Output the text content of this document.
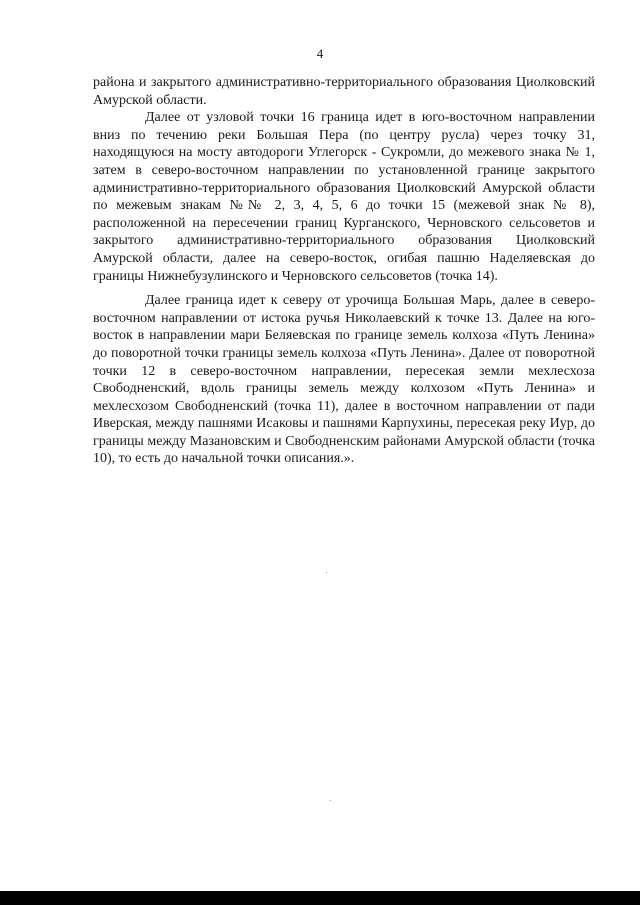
4

района и закрытого административно-территориального образования Циолковский Амурской области.

Далее от узловой точки 16 граница идет в юго-восточном направлении вниз по течению реки Большая Пера (по центру русла) через точку 31, находящуюся на мосту автодороги Углегорск - Сукромли, до межевого знака № 1, затем в северо-восточном направлении по установленной границе закрытого административно-территориального образования Циолковский Амурской области по межевым знакам №№ 2, 3, 4, 5, 6 до точки 15 (межевой знак № 8), расположенной на пересечении границ Курганского, Черновского сельсоветов и закрытого административно-территориального образования Циолковский Амурской области, далее на северо-восток, огибая пашню Наделяевская до границы Нижнебузулинского и Черновского сельсоветов (точка 14).

Далее граница идет к северу от урочища Большая Марь, далее в северо-восточном направлении от истока ручья Николаевский к точке 13. Далее на юго-восток в направлении мари Беляевская по границе земель колхоза «Путь Ленина» до поворотной точки границы земель колхоза «Путь Ленина». Далее от поворотной точки 12 в северо-восточном направлении, пересекая земли мехлесхоза Свободненский, вдоль границы земель между колхозом «Путь Ленина» и мехлесхозом Свободненский (точка 11), далее в восточном направлении от пади Иверская, между пашнями Исаковы и пашнями Карпухины, пересекая реку Иур, до границы между Мазановским и Свободненским районами Амурской области (точка 10), то есть до начальной точки описания.».
